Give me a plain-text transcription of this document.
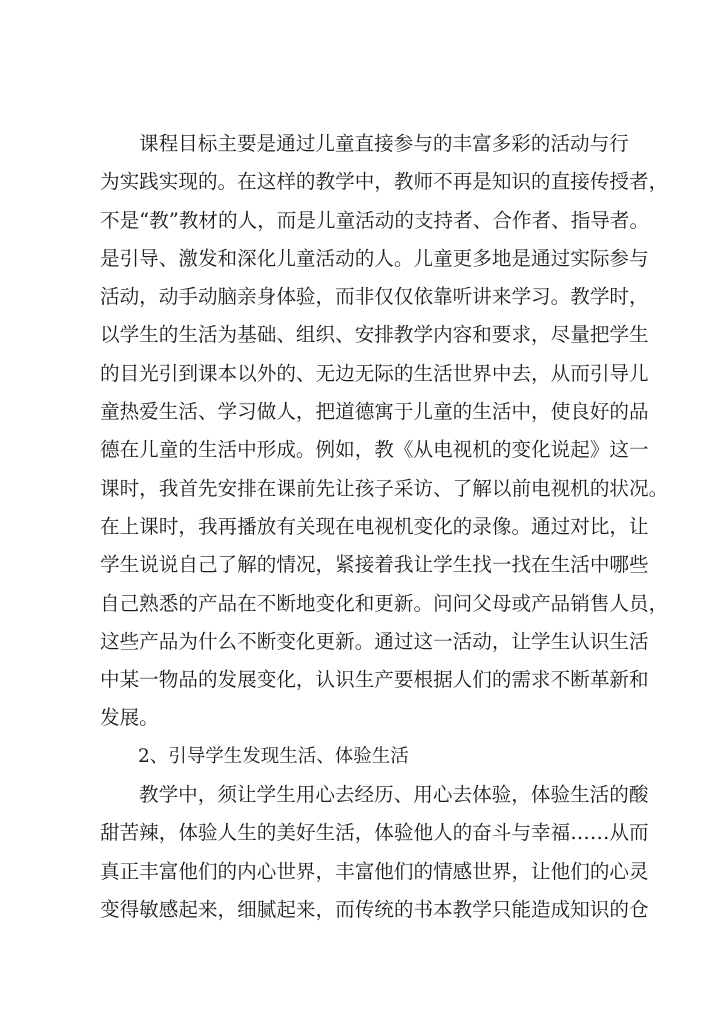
课程目标主要是通过儿童直接参与的丰富多彩的活动与行
为实践实现的。在这样的教学中，教师不再是知识的直接传授者，
不是“教”教材的人，而是儿童活动的支持者、合作者、指导者。
是引导、激发和深化儿童活动的人。儿童更多地是通过实际参与
活动，动手动脑亲身体验，而非仅仅依靠听讲来学习。教学时，
以学生的生活为基础、组织、安排教学内容和要求，尽量把学生
的目光引到课本以外的、无边无际的生活世界中去，从而引导儿
童热爱生活、学习做人，把道德寓于儿童的生活中，使良好的品
德在儿童的生活中形成。例如，教《从电视机的变化说起》这一
课时，我首先安排在课前先让孩子采访、了解以前电视机的状况。
在上课时，我再播放有关现在电视机变化的录像。通过对比，让
学生说说自己了解的情况，紧接着我让学生找一找在生活中哪些
自己熟悉的产品在不断地变化和更新。问问父母或产品销售人员，
这些产品为什么不断变化更新。通过这一活动，让学生认识生活
中某一物品的发展变化，认识生产要根据人们的需求不断革新和
发展。
2、引导学生发现生活、体验生活
教学中，须让学生用心去经历、用心去体验，体验生活的酸
甜苦辣，体验人生的美好生活，体验他人的奋斗与幸福……从而
真正丰富他们的内心世界，丰富他们的情感世界，让他们的心灵
变得敏感起来，细腻起来，而传统的书本教学只能造成知识的仓
